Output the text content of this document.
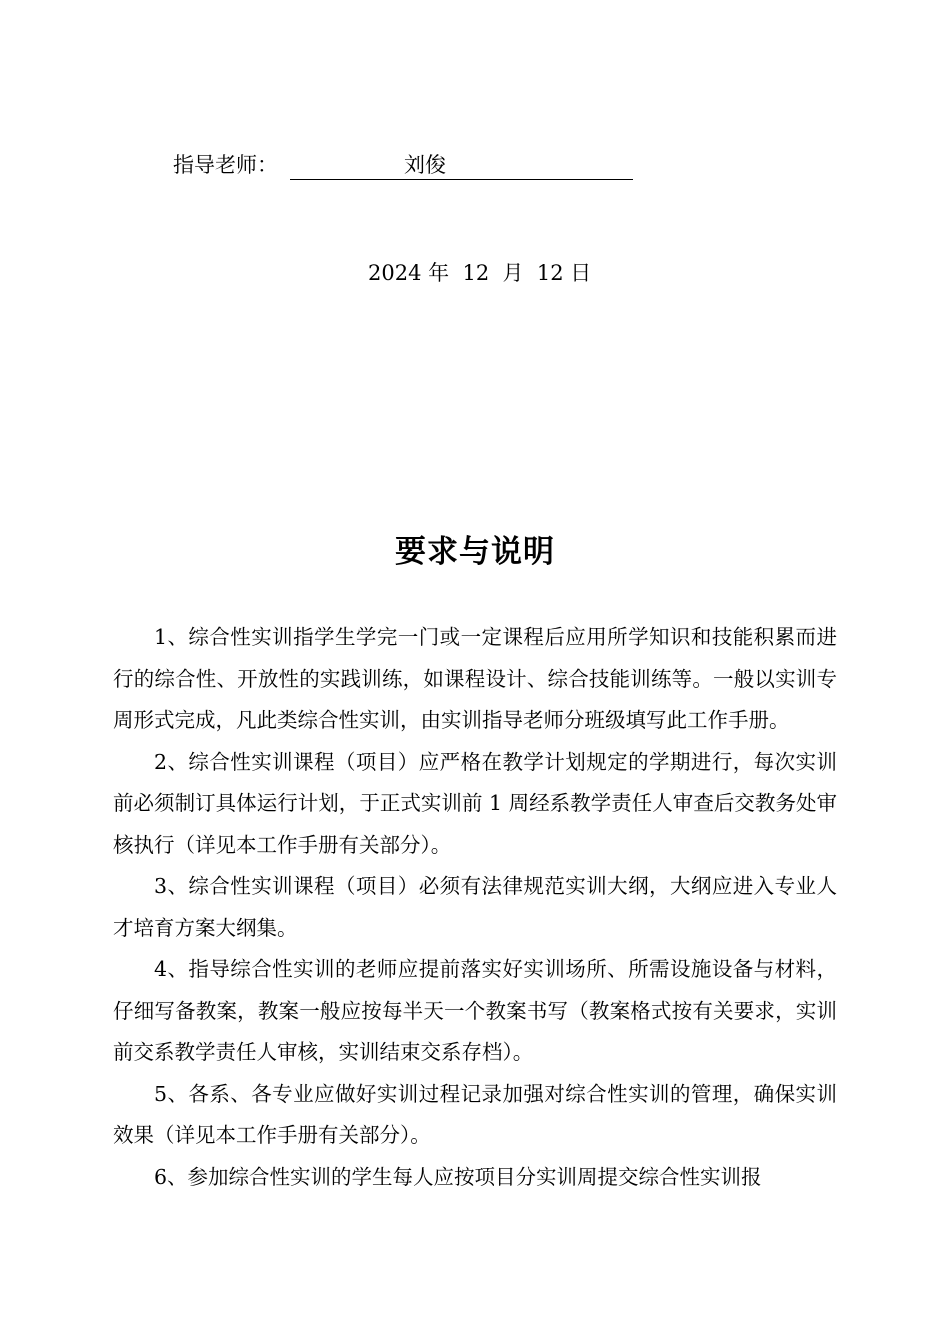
指导老师：	刘俊
2024 年  12  月  12 日
要求与说明

1、综合性实训指学生学完一门或一定课程后应用所学知识和技能积累而进行的综合性、开放性的实践训练，如课程设计、综合技能训练等。一般以实训专周形式完成，凡此类综合性实训，由实训指导老师分班级填写此工作手册。

2、综合性实训课程（项目）应严格在教学计划规定的学期进行，每次实训前必须制订具体运行计划，于正式实训前 1 周经系教学责任人审查后交教务处审核执行（详见本工作手册有关部分）。

3、综合性实训课程（项目）必须有法律规范实训大纲，大纲应进入专业人才培育方案大纲集。

4、指导综合性实训的老师应提前落实好实训场所、所需设施设备与材料，仔细写备教案，教案一般应按每半天一个教案书写（教案格式按有关要求，实训前交系教学责任人审核，实训结束交系存档）。

5、各系、各专业应做好实训过程记录加强对综合性实训的管理，确保实训效果（详见本工作手册有关部分）。

6、参加综合性实训的学生每人应按项目分实训周提交综合性实训报
